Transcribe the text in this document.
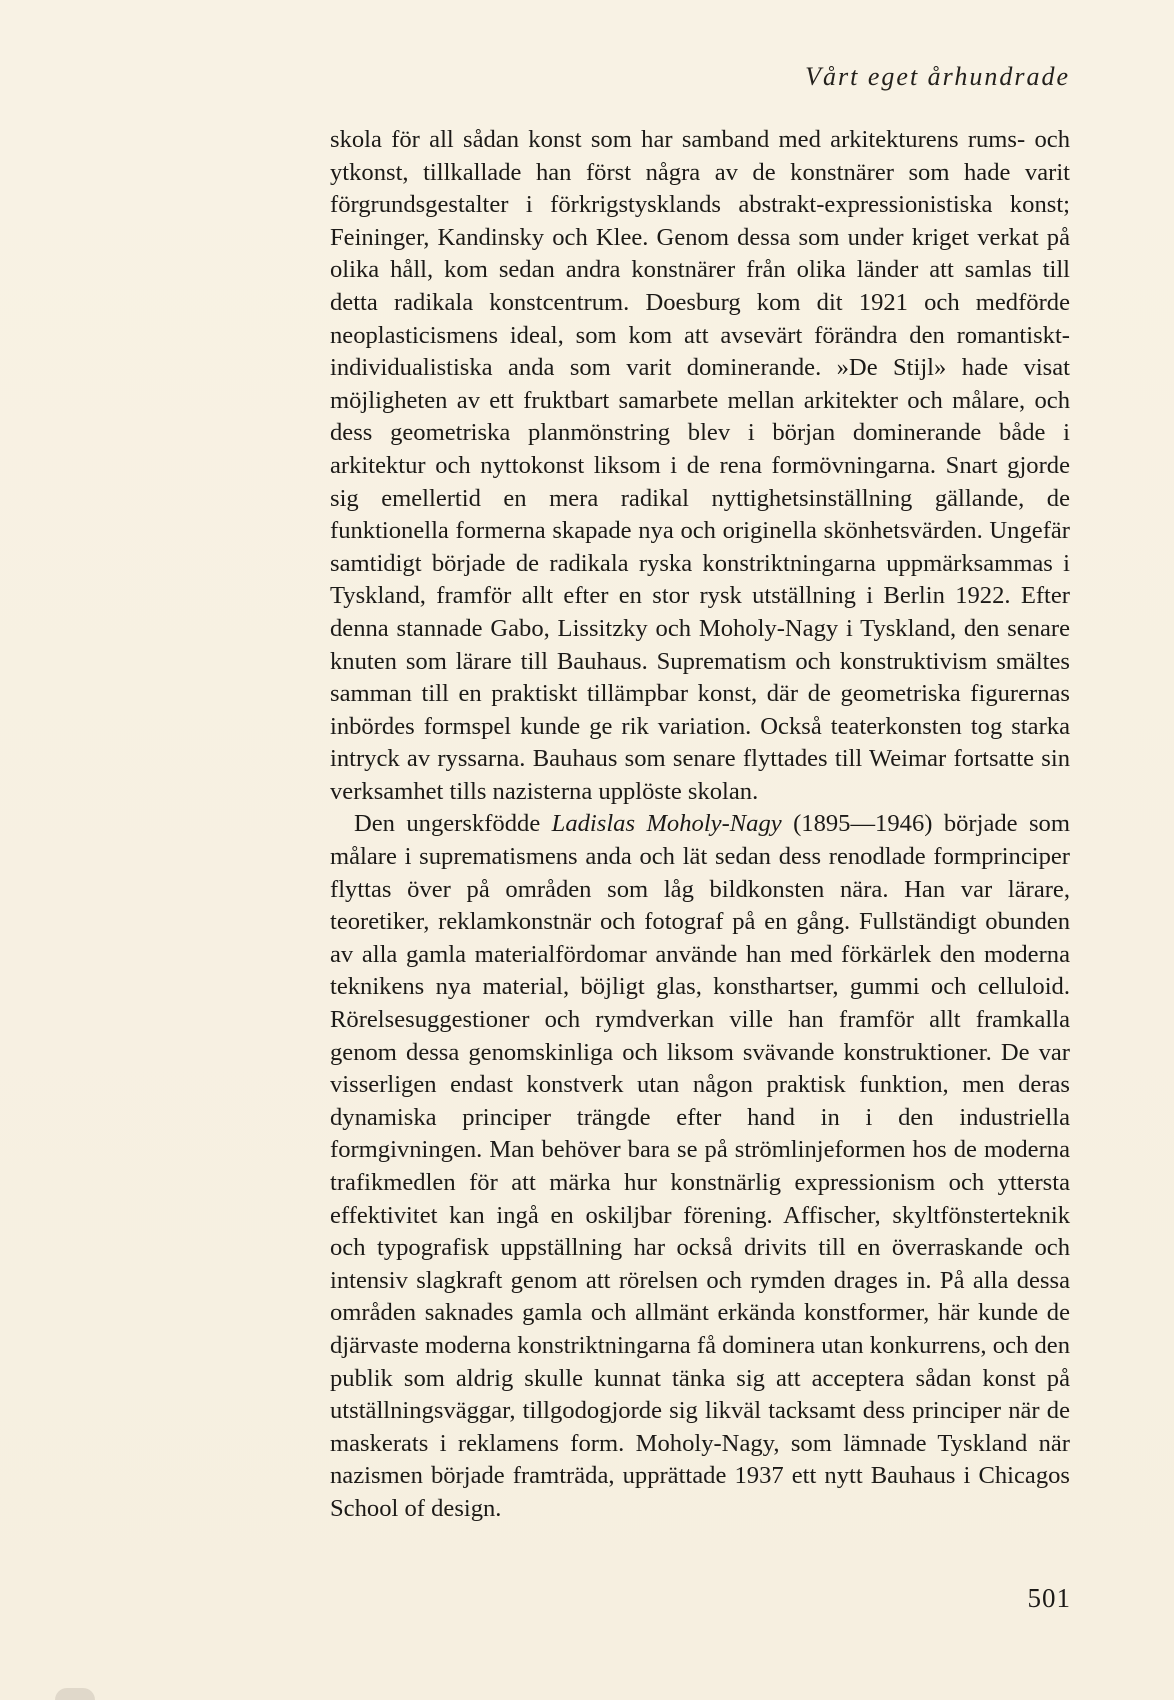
Vårt eget århundrade

skola för all sådan konst som har samband med arkitekturens rums- och ytkonst, tillkallade han först några av de konstnärer som hade varit förgrundsgestalter i förkrigstysklands abstrakt-expressionistiska konst; Feininger, Kandinsky och Klee. Genom dessa som under kriget verkat på olika håll, kom sedan andra konstnärer från olika länder att samlas till detta radikala konstcentrum. Doesburg kom dit 1921 och medförde neoplasticismens ideal, som kom att avsevärt förändra den romantiskt-individualistiska anda som varit dominerande. »De Stijl» hade visat möjligheten av ett fruktbart samarbete mellan arkitekter och målare, och dess geometriska planmönstring blev i början dominerande både i arkitektur och nyttokonst liksom i de rena formövningarna. Snart gjorde sig emellertid en mera radikal nyttighetsinställning gällande, de funktionella formerna skapade nya och originella skönhetsvärden. Ungefär samtidigt började de radikala ryska konstriktningarna uppmärksammas i Tyskland, framför allt efter en stor rysk utställning i Berlin 1922. Efter denna stannade Gabo, Lissitzky och Moholy-Nagy i Tyskland, den senare knuten som lärare till Bauhaus. Suprematism och konstruktivism smältes samman till en praktiskt tillämpbar konst, där de geometriska figurernas inbördes formspel kunde ge rik variation. Också teaterkonsten tog starka intryck av ryssarna. Bauhaus som senare flyttades till Weimar fortsatte sin verksamhet tills nazisterna upplöste skolan.

Den ungerskfödde Ladislas Moholy-Nagy (1895—1946) började som målare i suprematismens anda och lät sedan dess renodlade formprinciper flyttas över på områden som låg bildkonsten nära. Han var lärare, teoretiker, reklamkonstnär och fotograf på en gång. Fullständigt obunden av alla gamla materialfördomar använde han med förkärlek den moderna teknikens nya material, böjligt glas, konsthartser, gummi och celluloid. Rörelsesuggestioner och rymdverkan ville han framför allt framkalla genom dessa genomskinliga och liksom svävande konstruktioner. De var visserligen endast konstverk utan någon praktisk funktion, men deras dynamiska principer trängde efter hand in i den industriella formgivningen. Man behöver bara se på strömlinjeformen hos de moderna trafikmedlen för att märka hur konstnärlig expressionism och yttersta effektivitet kan ingå en oskiljbar förening. Affischer, skyltfönsterteknik och typografisk uppställning har också drivits till en överraskande och intensiv slagkraft genom att rörelsen och rymden drages in. På alla dessa områden saknades gamla och allmänt erkända konstformer, här kunde de djärvaste moderna konstriktningarna få dominera utan konkurrens, och den publik som aldrig skulle kunnat tänka sig att acceptera sådan konst på utställningsväggar, tillgodogjorde sig likväl tacksamt dess principer när de maskerats i reklamens form. Moholy-Nagy, som lämnade Tyskland när nazismen började framträda, upprättade 1937 ett nytt Bauhaus i Chicagos School of design.

501
